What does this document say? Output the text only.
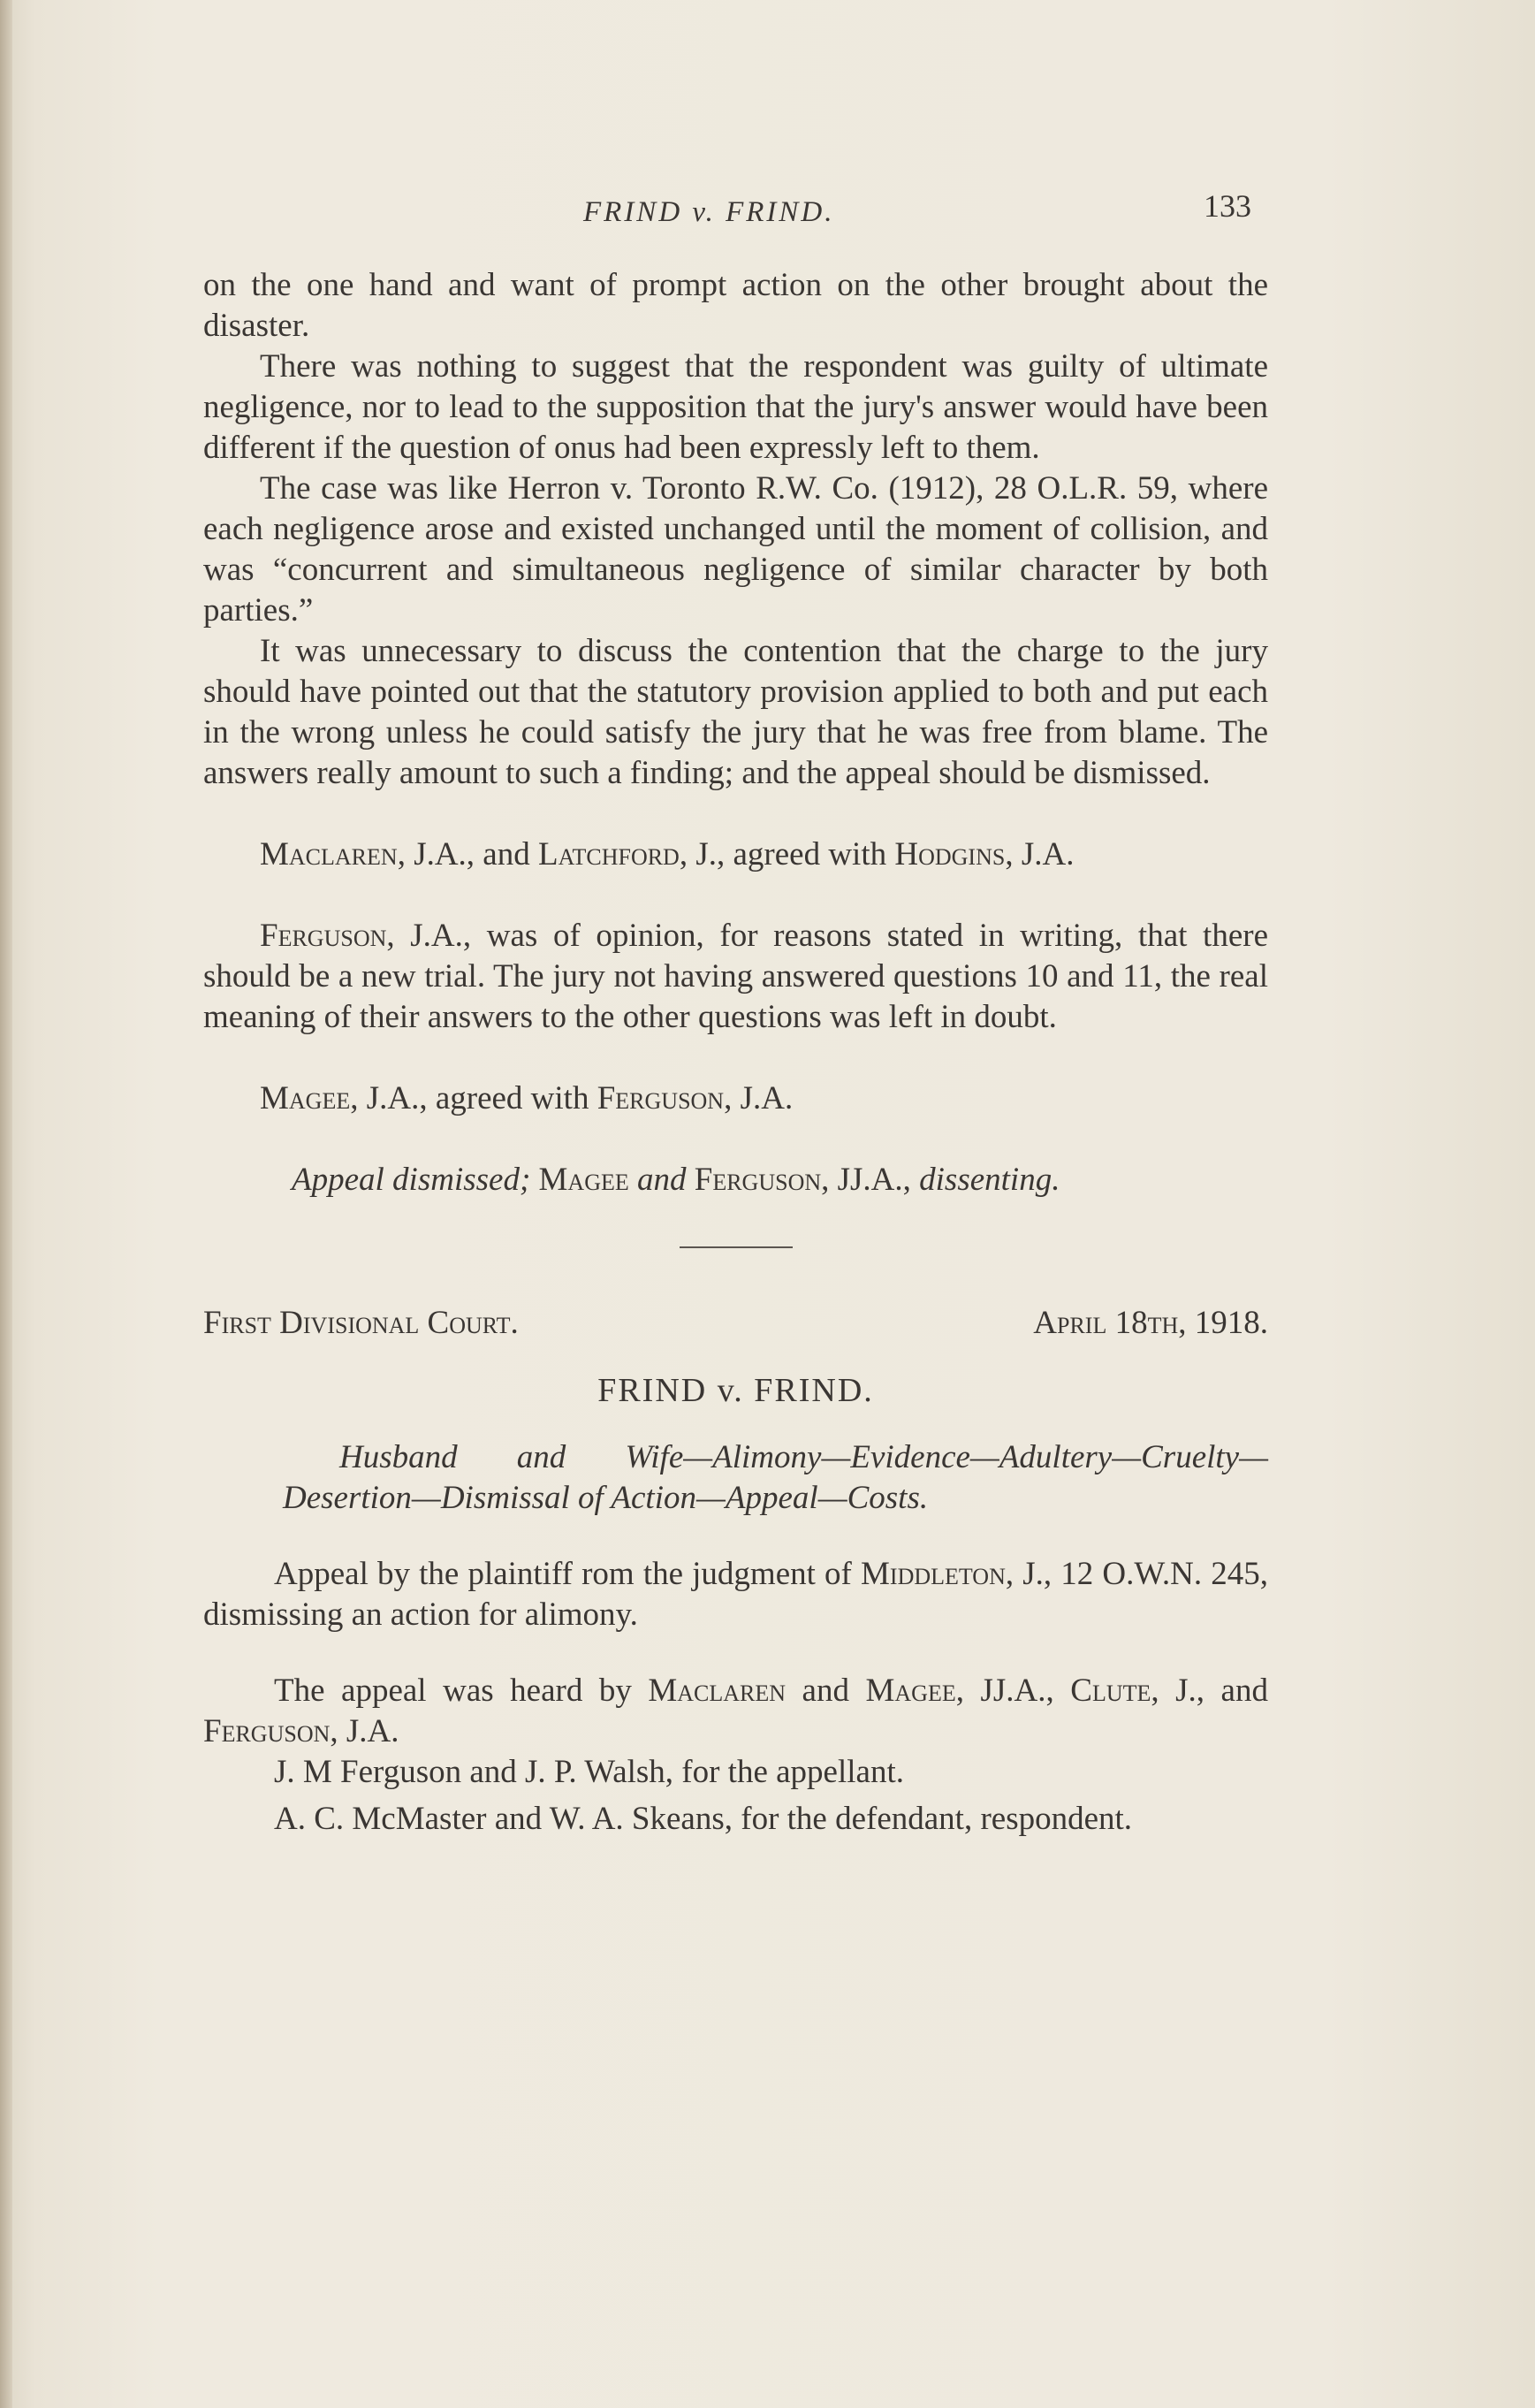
FRIND v. FRIND.	133

on the one hand and want of prompt action on the other brought about the disaster.

There was nothing to suggest that the respondent was guilty of ultimate negligence, nor to lead to the supposition that the jury's answer would have been different if the question of onus had been expressly left to them.

The case was like Herron v. Toronto R.W. Co. (1912), 28 O.L.R. 59, where each negligence arose and existed unchanged until the moment of collision, and was “concurrent and simultaneous negligence of similar character by both parties.”

It was unnecessary to discuss the contention that the charge to the jury should have pointed out that the statutory provision applied to both and put each in the wrong unless he could satisfy the jury that he was free from blame. The answers really amount to such a finding; and the appeal should be dismissed.

Maclaren, J.A., and Latchford, J., agreed with Hodgins, J.A.

Ferguson, J.A., was of opinion, for reasons stated in writing, that there should be a new trial. The jury not having answered questions 10 and 11, the real meaning of their answers to the other questions was left in doubt.

Magee, J.A., agreed with Ferguson, J.A.

Appeal dismissed; Magee and Ferguson, JJ.A., dissenting.

First Divisional Court.	April 18th, 1918.
FRIND v. FRIND.

Husband and Wife—Alimony—Evidence—Adultery—Cruelty—Desertion—Dismissal of Action—Appeal—Costs.

Appeal by the plaintiff rom the judgment of Middleton, J., 12 O.W.N. 245, dismissing an action for alimony.

The appeal was heard by Maclaren and Magee, JJ.A., Clute, J., and Ferguson, J.A.

J. M Ferguson and J. P. Walsh, for the appellant.

A. C. McMaster and W. A. Skeans, for the defendant, respondent.
